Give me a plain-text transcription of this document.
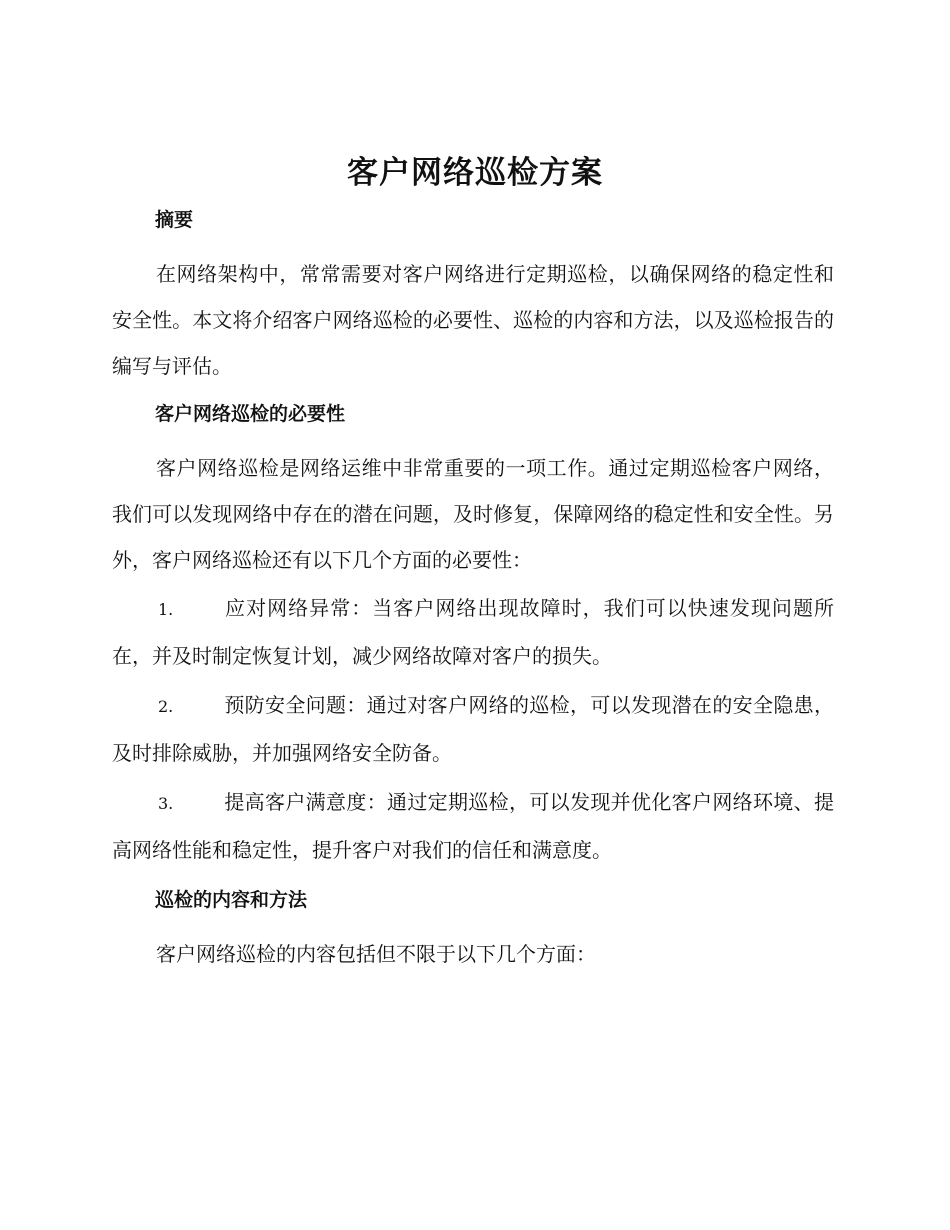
客户网络巡检方案
摘要
在网络架构中，常常需要对客户网络进行定期巡检，以确保网络的稳定性和安全性。本文将介绍客户网络巡检的必要性、巡检的内容和方法，以及巡检报告的编写与评估。
客户网络巡检的必要性
客户网络巡检是网络运维中非常重要的一项工作。通过定期巡检客户网络，我们可以发现网络中存在的潜在问题，及时修复，保障网络的稳定性和安全性。另外，客户网络巡检还有以下几个方面的必要性：
1.	应对网络异常：当客户网络出现故障时，我们可以快速发现问题所在，并及时制定恢复计划，减少网络故障对客户的损失。
2.	预防安全问题：通过对客户网络的巡检，可以发现潜在的安全隐患，及时排除威胁，并加强网络安全防备。
3.	提高客户满意度：通过定期巡检，可以发现并优化客户网络环境、提高网络性能和稳定性，提升客户对我们的信任和满意度。
巡检的内容和方法
客户网络巡检的内容包括但不限于以下几个方面：
